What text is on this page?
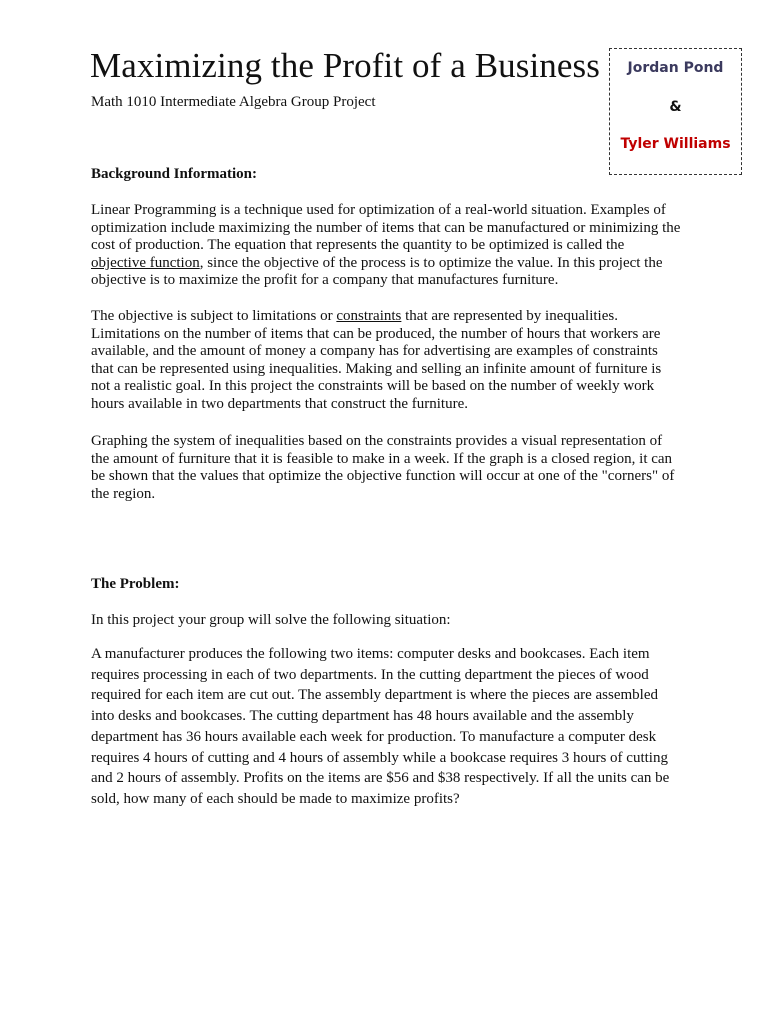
Maximizing the Profit of a Business

Math 1010 Intermediate Algebra Group Project

Jordan Pond
&
Tyler Williams
Background Information:

Linear Programming is a technique used for optimization of a real-world situation. Examples of optimization include maximizing the number of items that can be manufactured or minimizing the cost of production. The equation that represents the quantity to be optimized is called the objective function, since the objective of the process is to optimize the value. In this project the objective is to maximize the profit for a company that manufactures furniture.

The objective is subject to limitations or constraints that are represented by inequalities. Limitations on the number of items that can be produced, the number of hours that workers are available, and the amount of money a company has for advertising are examples of constraints that can be represented using inequalities. Making and selling an infinite amount of furniture is not a realistic goal. In this project the constraints will be based on the number of weekly work hours available in two departments that construct the furniture.

Graphing the system of inequalities based on the constraints provides a visual representation of the amount of furniture that it is feasible to make in a week. If the graph is a closed region, it can be shown that the values that optimize the objective function will occur at one of the "corners" of the region.

The Problem:

In this project your group will solve the following situation:

A manufacturer produces the following two items: computer desks and bookcases. Each item requires processing in each of two departments. In the cutting department the pieces of wood required for each item are cut out. The assembly department is where the pieces are assembled into desks and bookcases. The cutting department has 48 hours available and the assembly department has 36 hours available each week for production. To manufacture a computer desk requires 4 hours of cutting and 4 hours of assembly while a bookcase requires 3 hours of cutting and 2 hours of assembly. Profits on the items are $56 and $38 respectively. If all the units can be sold, how many of each should be made to maximize profits?
